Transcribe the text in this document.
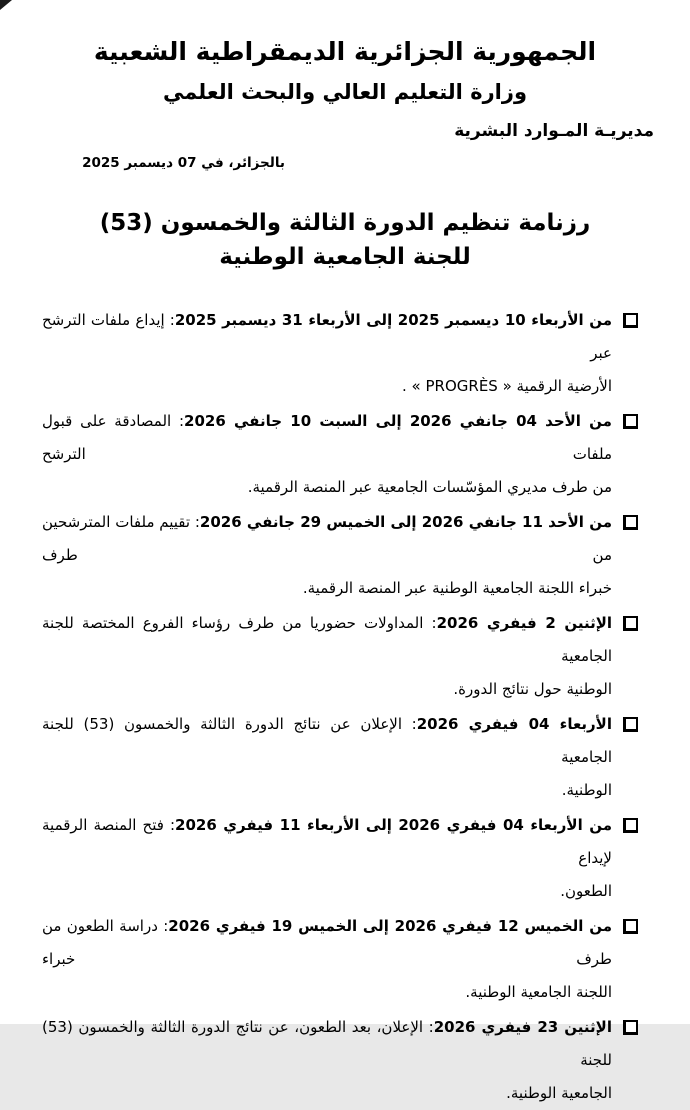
الجمهورية الجزائرية الديمقراطية الشعبية
وزارة التعليم العالي والبحث العلمي
مديريـة المـوارد البشرية
بالجزائر، في 07 ديسمبر 2025
رزنامة تنظيم الدورة الثالثة والخمسون (53)
للجنة الجامعية الوطنية
من الأربعاء 10 ديسمبر 2025 إلى الأربعاء 31 ديسمبر 2025: إيداع ملفات الترشح عبر
الأرضية الرقمية ‎« PROGRÈS »‎ .
من الأحد 04 جانفي 2026 إلى السبت 10 جانفي 2026: المصادقة على قبول ملفات الترشح
من طرف مديري المؤسّسات الجامعية عبر المنصة الرقمية.
من الأحد 11 جانفي 2026 إلى الخميس 29 جانفي 2026: تقييم ملفات المترشحين من طرف
خبراء اللجنة الجامعية الوطنية عبر المنصة الرقمية.
الإثنين 2 فيفري 2026: المداولات حضوريا من طرف رؤساء الفروع المختصة للجنة الجامعية
الوطنية حول نتائج الدورة.
الأربعاء 04 فيفري 2026: الإعلان عن نتائج الدورة الثالثة والخمسون (53) للجنة الجامعية
الوطنية.
من الأربعاء 04 فيفري 2026 إلى الأربعاء 11 فيفري 2026: فتح المنصة الرقمية لإيداع
الطعون.
من الخميس 12 فيفري 2026 إلى الخميس 19 فيفري 2026: دراسة الطعون من طرف خبراء
اللجنة الجامعية الوطنية.
الإثنين 23 فيفري 2026: الإعلان، بعد الطعون، عن نتائج الدورة الثالثة والخمسون (53) للجنة
الجامعية الوطنية.
